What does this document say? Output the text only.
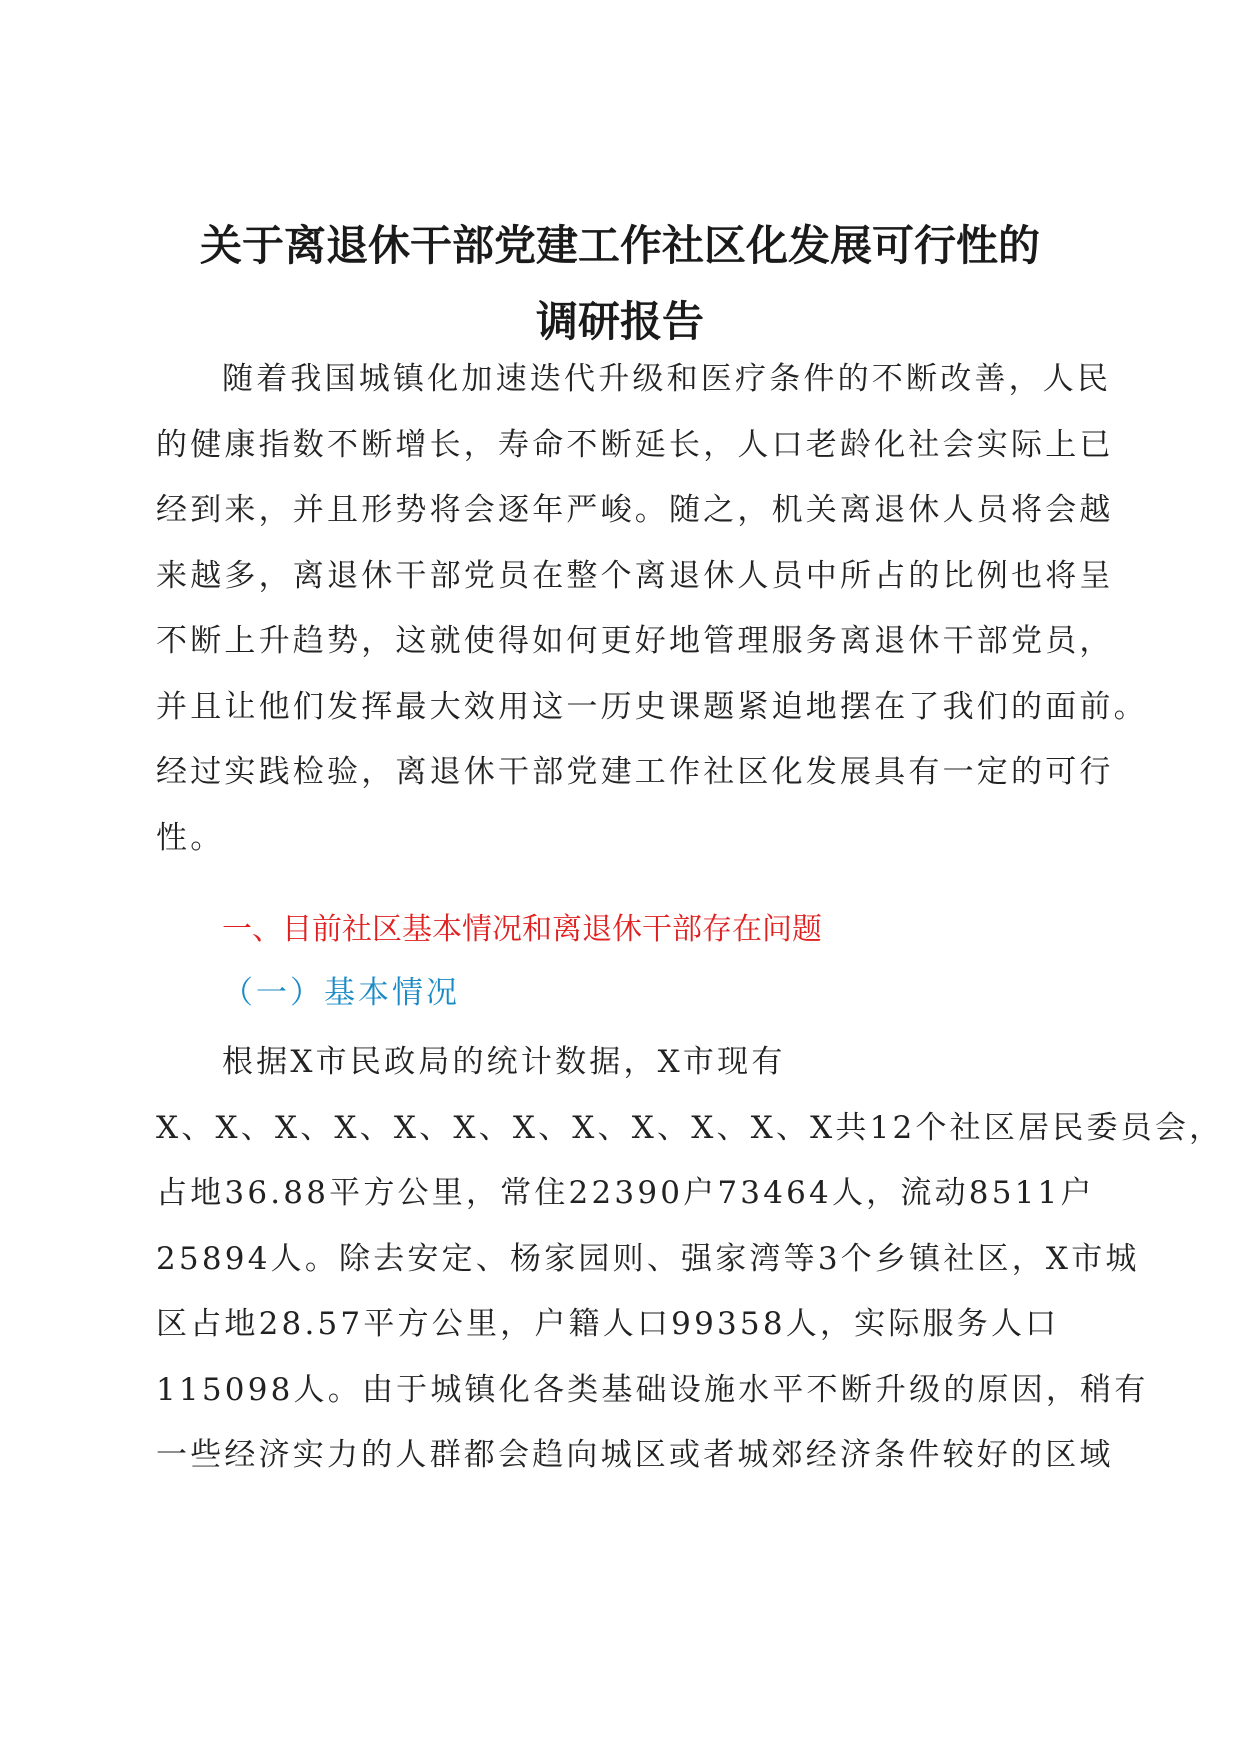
关于离退休干部党建工作社区化发展可行性的
调研报告
随着我国城镇化加速迭代升级和医疗条件的不断改善，人民
的健康指数不断增长，寿命不断延长，人口老龄化社会实际上已
经到来，并且形势将会逐年严峻。随之，机关离退休人员将会越
来越多，离退休干部党员在整个离退休人员中所占的比例也将呈
不断上升趋势，这就使得如何更好地管理服务离退休干部党员，
并且让他们发挥最大效用这一历史课题紧迫地摆在了我们的面前。
经过实践检验，离退休干部党建工作社区化发展具有一定的可行
性。
一、目前社区基本情况和离退休干部存在问题
（一）基本情况
根据X市民政局的统计数据，X市现有
X、X、X、X、X、X、X、X、X、X、X、X共12个社区居民委员会，
占地36.88平方公里，常住22390户73464人，流动8511户
25894人。除去安定、杨家园则、强家湾等3个乡镇社区，X市城
区占地28.57平方公里，户籍人口99358人，实际服务人口
115098人。由于城镇化各类基础设施水平不断升级的原因，稍有
一些经济实力的人群都会趋向城区或者城郊经济条件较好的区域
